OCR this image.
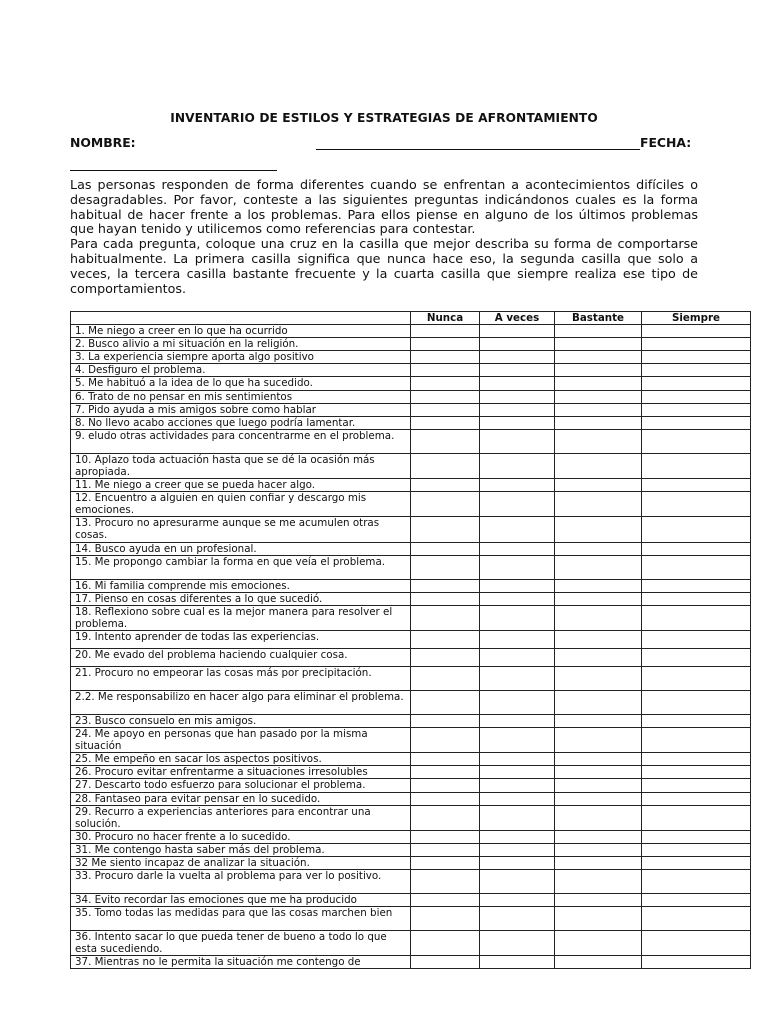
INVENTARIO DE ESTILOS Y ESTRATEGIAS DE AFRONTAMIENTO
NOMBRE:	FECHA:

Las personas responden de forma diferentes cuando se enfrentan a acontecimientos difíciles o desagradables. Por favor, conteste a las siguientes preguntas indicándonos cuales es la forma habitual de hacer frente a los problemas. Para ellos piense en alguno de los últimos problemas que hayan tenido y utilicemos como referencias para contestar.

Para cada pregunta, coloque una cruz en la casilla que mejor describa su forma de comportarse habitualmente. La primera casilla significa que nunca hace eso, la segunda casilla que solo a veces, la tercera casilla bastante frecuente y la cuarta casilla que siempre realiza ese tipo de comportamientos.

	Nunca	A veces	Bastante	Siempre
1. Me niego a creer en lo que ha ocurrido				
2. Busco alivio a mi situación en la religión.				
3. La experiencia siempre aporta algo positivo				
4. Desfiguro el problema.				
5. Me habituó a la idea de lo que ha sucedido.				
6. Trato de no pensar en mis sentimientos				
7. Pido ayuda a mis amigos sobre como hablar				
8. No llevo acabo acciones que luego podría lamentar.				
9. eludo otras actividades para concentrarme en el problema.				
10. Aplazo toda actuación hasta que se dé la ocasión más apropiada.				
11. Me niego a creer que se pueda hacer algo.				
12. Encuentro a alguien en quien confiar y descargo mis emociones.				
13. Procuro no apresurarme aunque se me acumulen otras cosas.				
14. Busco ayuda en un profesional.				
15. Me propongo cambiar la forma en que veía el problema.				
16. Mi familia comprende mis emociones.				
17. Pienso en cosas diferentes a lo que sucedió.				
18. Reflexiono sobre cual es la mejor manera para resolver el problema.				
19. Intento aprender de todas las experiencias.				
20. Me evado del problema haciendo cualquier cosa.				
21. Procuro no empeorar las cosas más por precipitación.				
2.2. Me responsabilizo en hacer algo para eliminar el problema.				
23. Busco consuelo en mis amigos.				
24. Me apoyo en personas que han pasado por la misma situación				
25. Me empeño en sacar los aspectos positivos.				
26. Procuro evitar enfrentarme a situaciones irresolubles				
27. Descarto todo esfuerzo para solucionar el problema.				
28. Fantaseo para evitar pensar en lo sucedido.				
29. Recurro a experiencias anteriores para encontrar una solución.				
30. Procuro no hacer frente a lo sucedido.				
31. Me contengo hasta saber más del problema.				
32 Me siento incapaz de analizar la situación.				
33. Procuro darle la vuelta al problema para ver lo positivo.				
34. Evito recordar las emociones que me ha producido				
35. Tomo todas las medidas para que las cosas marchen bien				
36. Intento sacar lo que pueda tener de bueno a todo lo que esta sucediendo.				
37. Mientras no le permita la situación me contengo de				
